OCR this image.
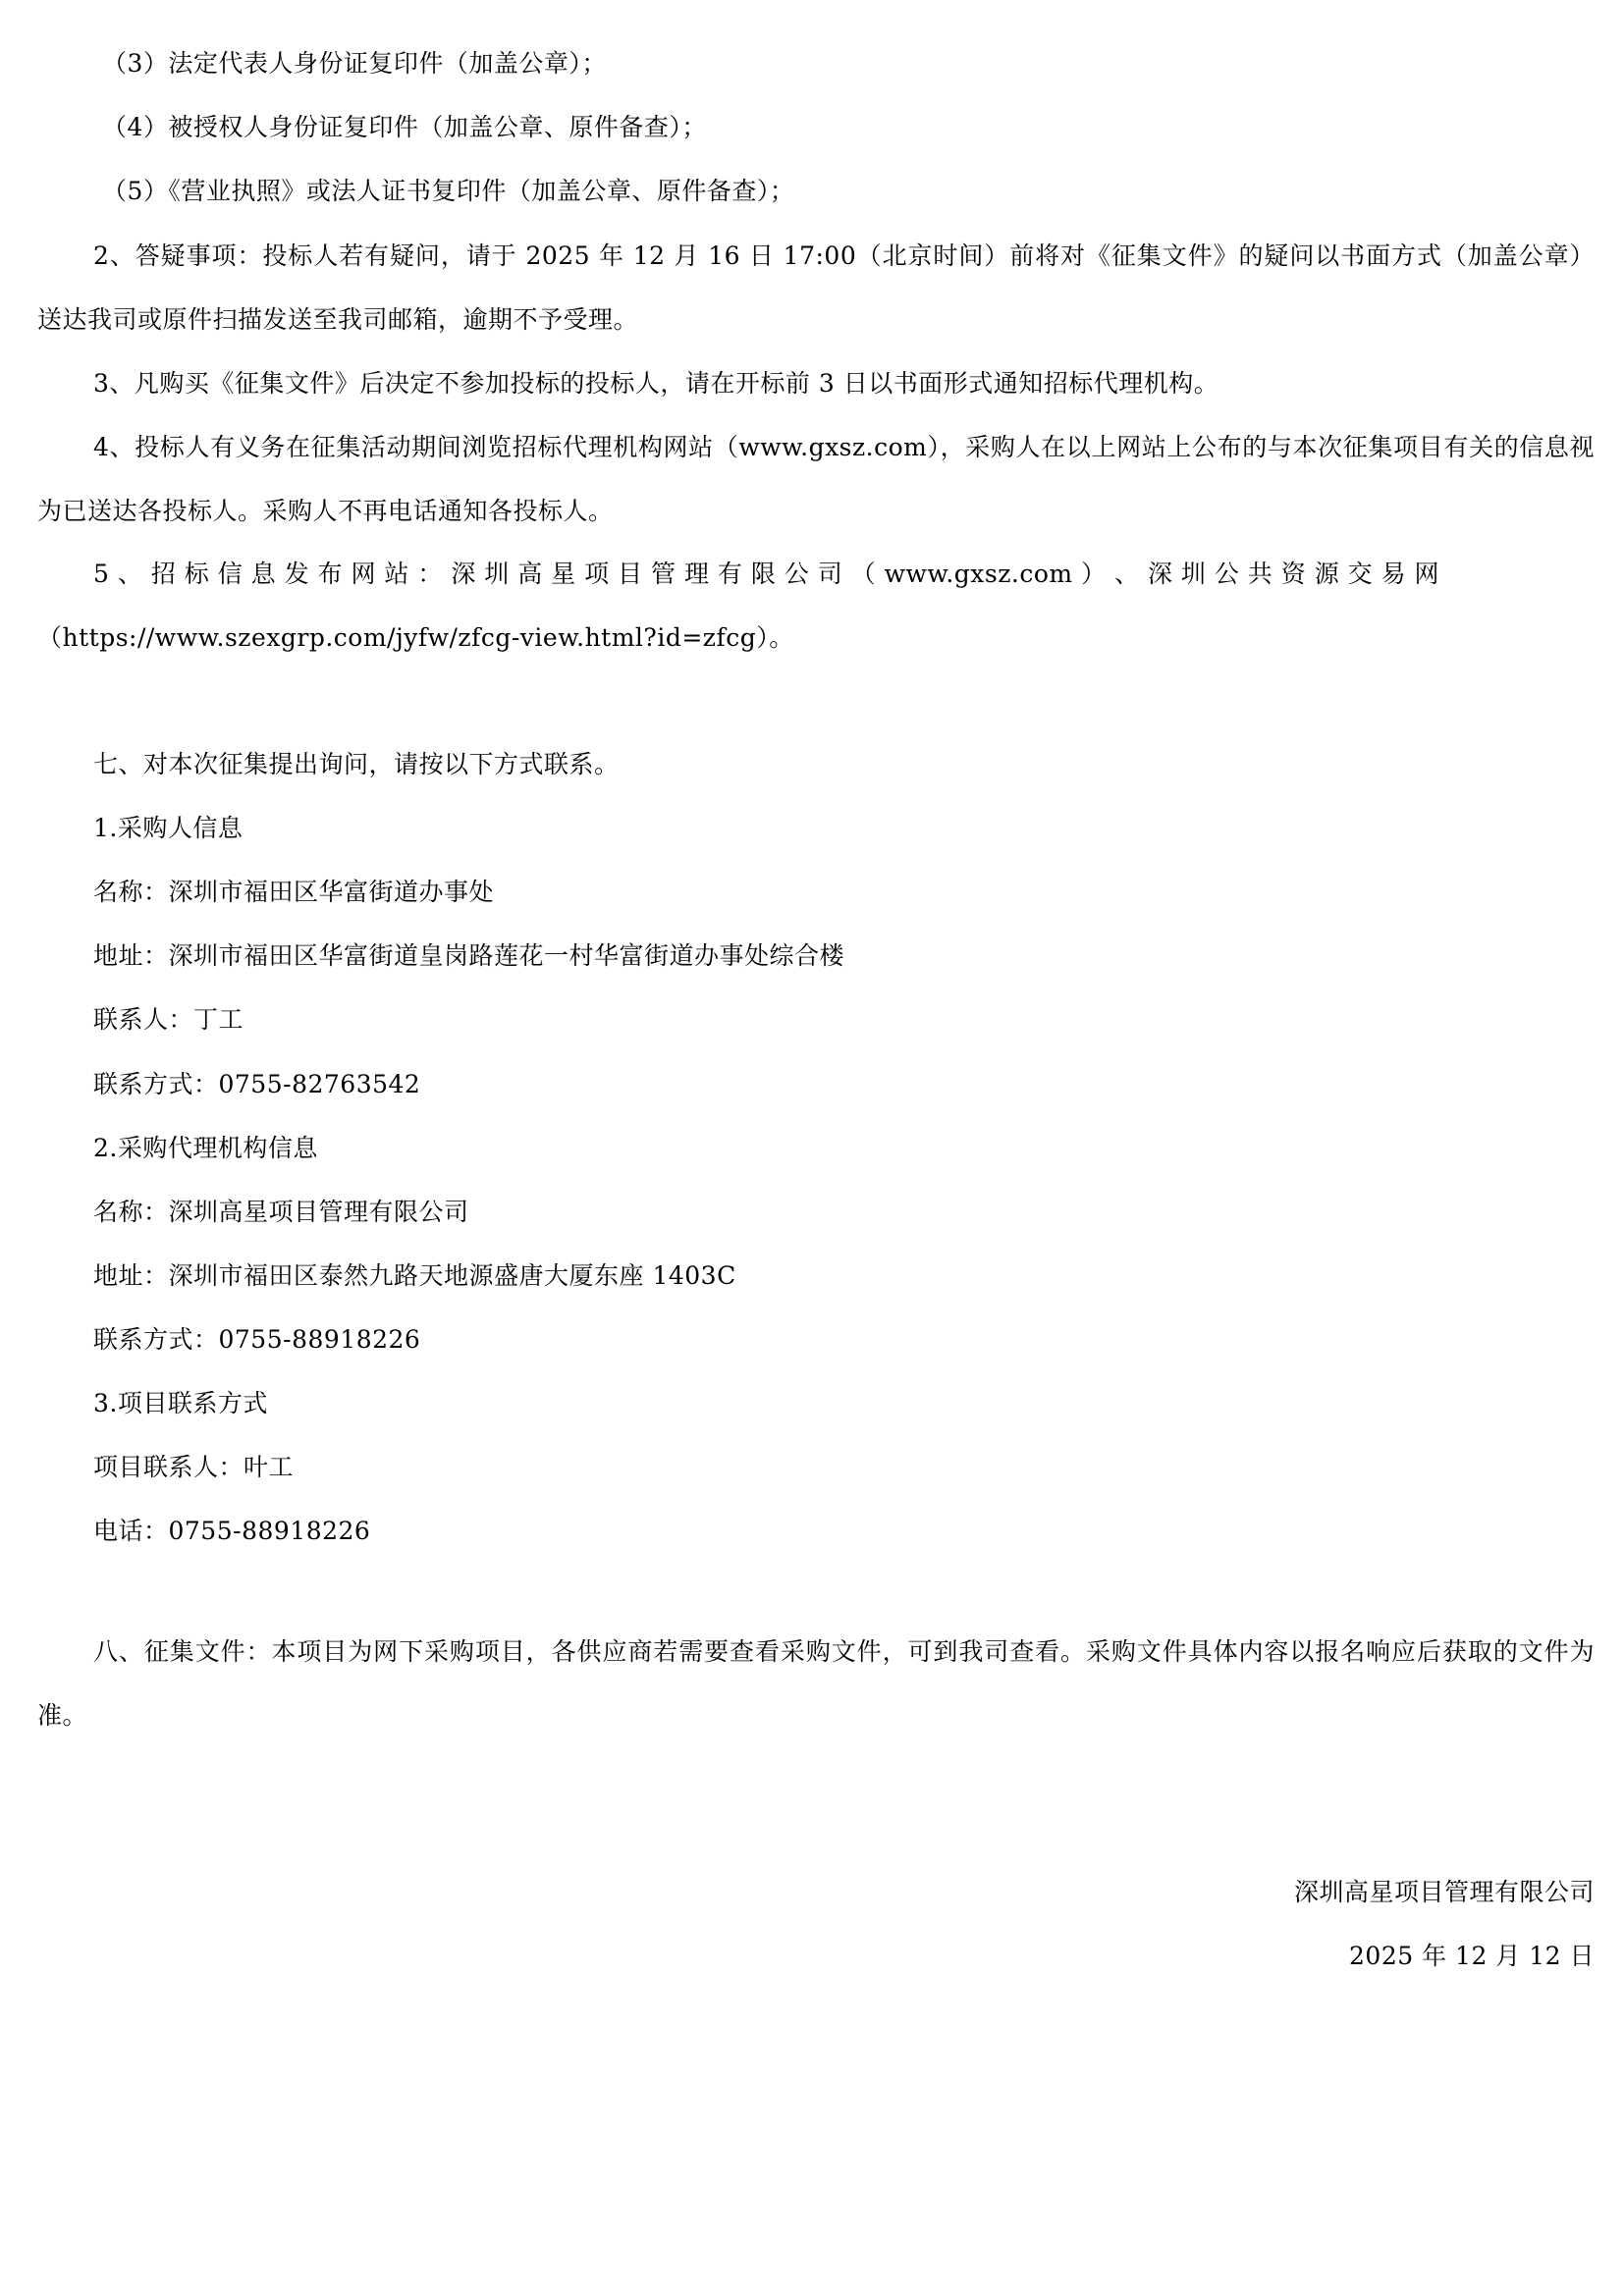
（3）法定代表人身份证复印件（加盖公章）；
（4）被授权人身份证复印件（加盖公章、原件备查）；
（5）《营业执照》或法人证书复印件（加盖公章、原件备查）；
2、答疑事项：投标人若有疑问，请于 2025 年 12 月 16 日 17:00（北京时间）前将对《征集文件》的疑问以书面方式（加盖公章）送达我司或原件扫描发送至我司邮箱，逾期不予受理。
3、凡购买《征集文件》后决定不参加投标的投标人，请在开标前 3 日以书面形式通知招标代理机构。
4、投标人有义务在征集活动期间浏览招标代理机构网站（www.gxsz.com），采购人在以上网站上公布的与本次征集项目有关的信息视为已送达各投标人。采购人不再电话通知各投标人。
5 、 招 标 信 息 发 布 网 站 ： 深 圳 高 星 项 目 管 理 有 限 公 司 （ www.gxsz.com ） 、 深 圳 公 共 资 源 交 易 网
（https://www.szexgrp.com/jyfw/zfcg-view.html?id=zfcg）。
七、对本次征集提出询问，请按以下方式联系。
1.采购人信息
名称：深圳市福田区华富街道办事处
地址：深圳市福田区华富街道皇岗路莲花一村华富街道办事处综合楼
联系人：丁工
联系方式：0755-82763542
2.采购代理机构信息
名称：深圳高星项目管理有限公司
地址：深圳市福田区泰然九路天地源盛唐大厦东座 1403C
联系方式：0755-88918226
3.项目联系方式
项目联系人：叶工
电话：0755-88918226
八、征集文件：本项目为网下采购项目，各供应商若需要查看采购文件，可到我司查看。采购文件具体内容以报名响应后获取的文件为准。
深圳高星项目管理有限公司
2025 年 12 月 12 日
